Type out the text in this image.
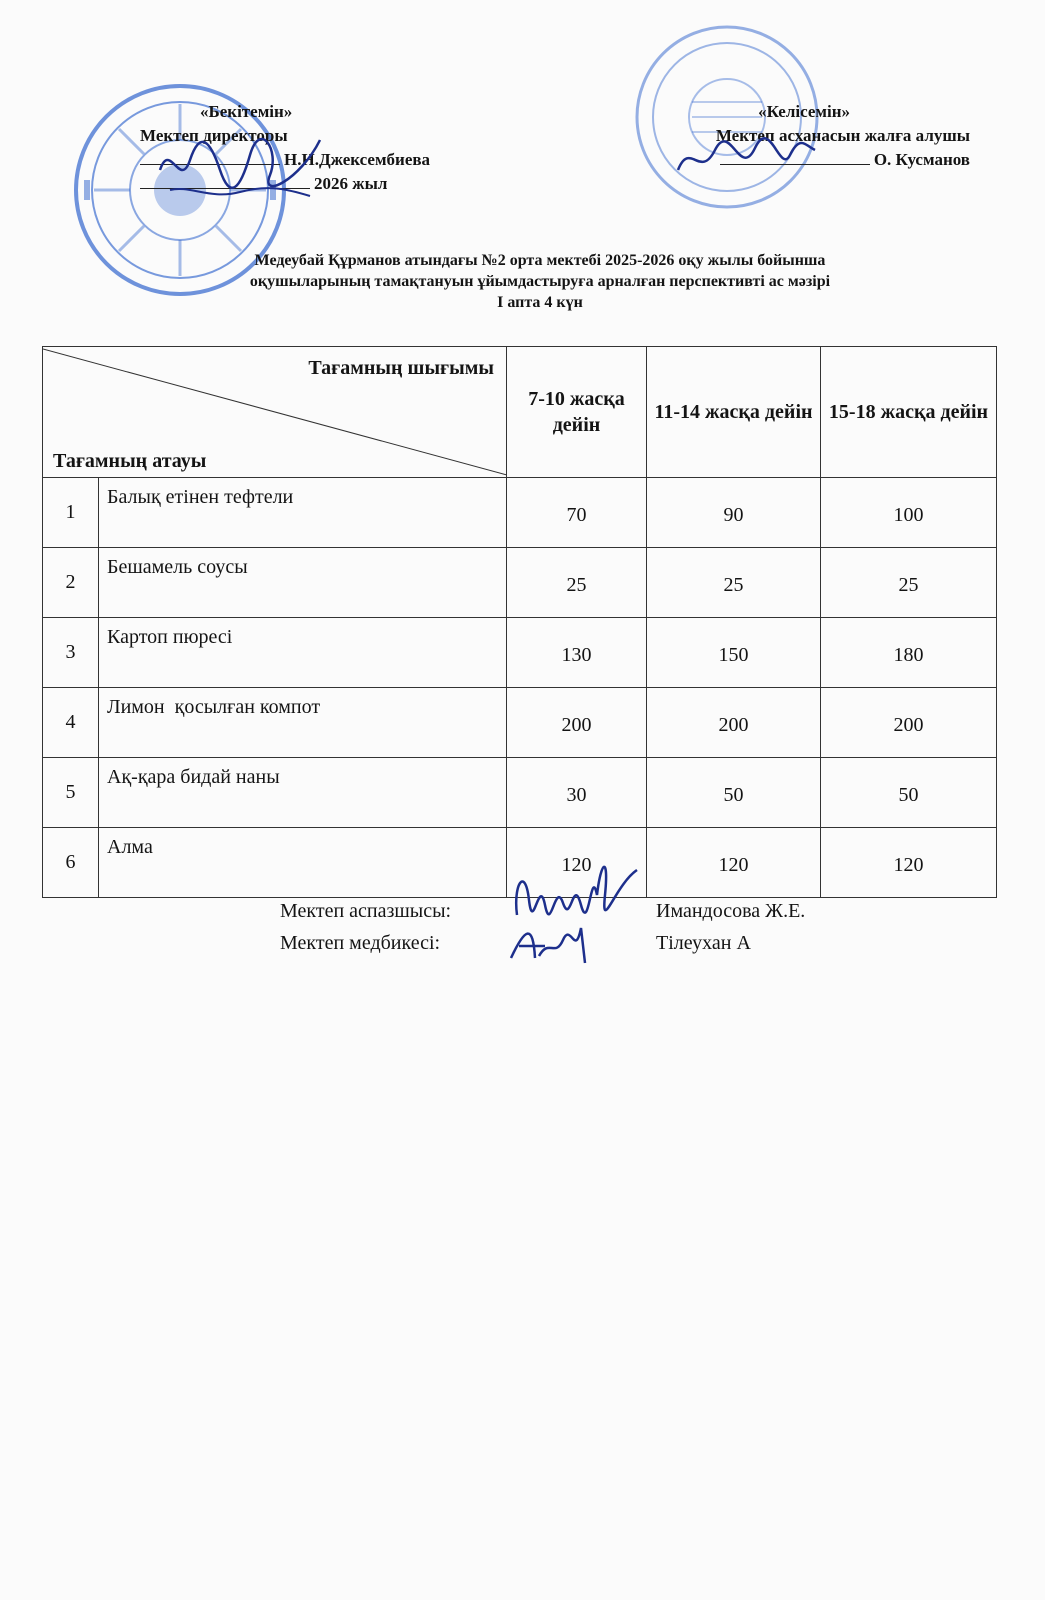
«Бекітемін»
Мектеп директоры
Н.Н.Джексембиева
2026 жыл
«Келісемін»
Мектеп асханасын жалға алушы
О. Кусманов
Медеубай Құрманов атындағы №2 орта мектебі 2025-2026 оқу жылы бойынша
оқушыларының тамақтануын ұйымдастыруға арналған перспективті ас мәзірі
I апта 4 күн
Тағамның шығымы
Тағамның атауы		7-10 жасқа дейін	11-14 жасқа дейін	15-18 жасқа дейін
1	Балық етінен тефтели	70	90	100
2	Бешамель соусы	25	25	25
3	Картоп пюресі	130	150	180
4	Лимон  қосылған компот	200	200	200
5	Ақ-қара бидай наны	30	50	50
6	Алма	120	120	120
Мектеп аспазшысы:	Имандосова Ж.Е.
Мектеп медбикесі:	Тілеухан А
